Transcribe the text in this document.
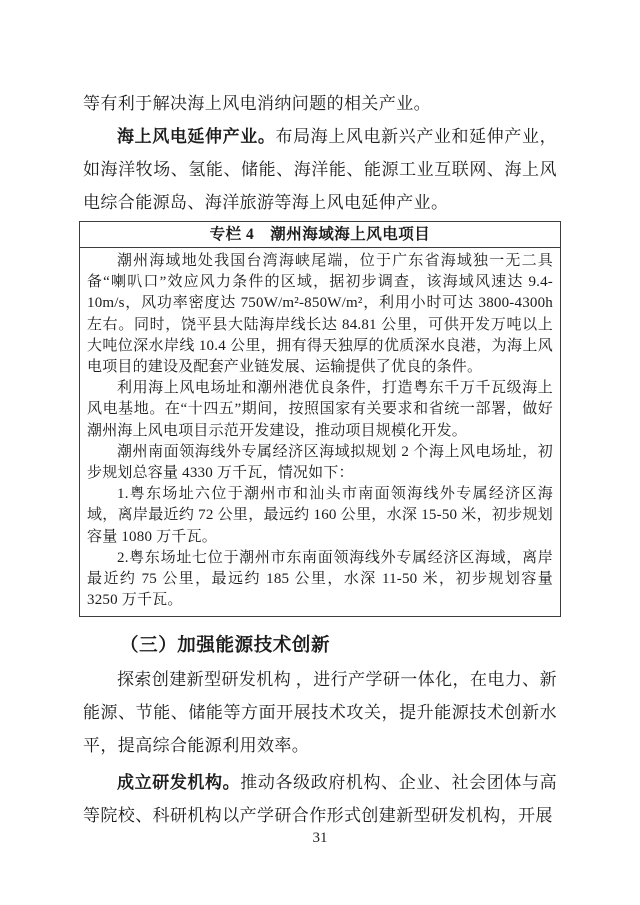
等有利于解决海上风电消纳问题的相关产业。

海上风电延伸产业。布局海上风电新兴产业和延伸产业，如海洋牧场、氢能、储能、海洋能、能源工业互联网、海上风电综合能源岛、海洋旅游等海上风电延伸产业。

专栏 4　潮州海域海上风电项目

潮州海域地处我国台湾海峡尾端，位于广东省海域独一无二具备“喇叭口”效应风力条件的区域，据初步调查，该海域风速达 9.4-10m/s，风功率密度达 750W/m²-850W/m²，利用小时可达 3800-4300h 左右。同时，饶平县大陆海岸线长达 84.81 公里，可供开发万吨以上大吨位深水岸线 10.4 公里，拥有得天独厚的优质深水良港，为海上风电项目的建设及配套产业链发展、运输提供了优良的条件。

利用海上风电场址和潮州港优良条件，打造粤东千万千瓦级海上风电基地。在“十四五”期间，按照国家有关要求和省统一部署，做好潮州海上风电项目示范开发建设，推动项目规模化开发。

潮州南面领海线外专属经济区海域拟规划 2 个海上风电场址，初步规划总容量 4330 万千瓦，情况如下：

1.粤东场址六位于潮州市和汕头市南面领海线外专属经济区海域，离岸最近约 72 公里，最远约 160 公里，水深 15-50 米，初步规划容量 1080 万千瓦。

2.粤东场址七位于潮州市东南面领海线外专属经济区海域，离岸最近约 75 公里，最远约 185 公里，水深 11-50 米，初步规划容量 3250 万千瓦。

（三）加强能源技术创新

探索创建新型研发机构 ，进行产学研一体化，在电力、新能源、节能、储能等方面开展技术攻关，提升能源技术创新水平，提高综合能源利用效率。

成立研发机构。推动各级政府机构、企业、社会团体与高等院校、科研机构以产学研合作形式创建新型研发机构，开展

31
